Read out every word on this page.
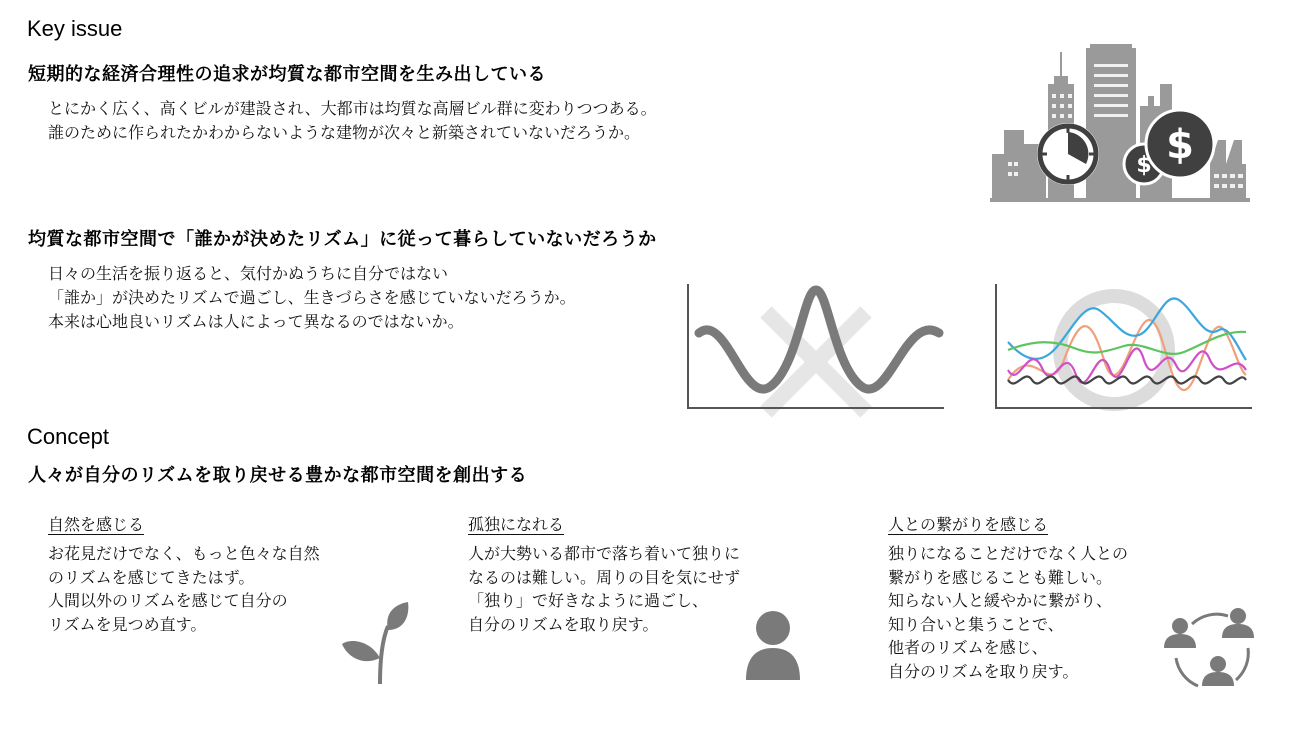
Key issue
短期的な経済合理性の追求が均質な都市空間を生み出している
とにかく広く、高くビルが建設され、大都市は均質な高層ビル群に変わりつつある。
誰のために作られたかわからないような建物が次々と新築されていないだろうか。
$ $
均質な都市空間で「誰かが決めたリズム」に従って暮らしていないだろうか
日々の生活を振り返ると、気付かぬうちに自分ではない
「誰か」が決めたリズムで過ごし、生きづらさを感じていないだろうか。
本来は心地良いリズムは人によって異なるのではないか。
Concept
人々が自分のリズムを取り戻せる豊かな都市空間を創出する
自然を感じる
お花見だけでなく、もっと色々な自然
のリズムを感じてきたはず。
人間以外のリズムを感じて自分の
リズムを見つめ直す。
孤独になれる
人が大勢いる都市で落ち着いて独りに
なるのは難しい。周りの目を気にせず
「独り」で好きなように過ごし、
自分のリズムを取り戻す。
人との繋がりを感じる
独りになることだけでなく人との
繋がりを感じることも難しい。
知らない人と緩やかに繋がり、
知り合いと集うことで、
他者のリズムを感じ、
自分のリズムを取り戻す。
